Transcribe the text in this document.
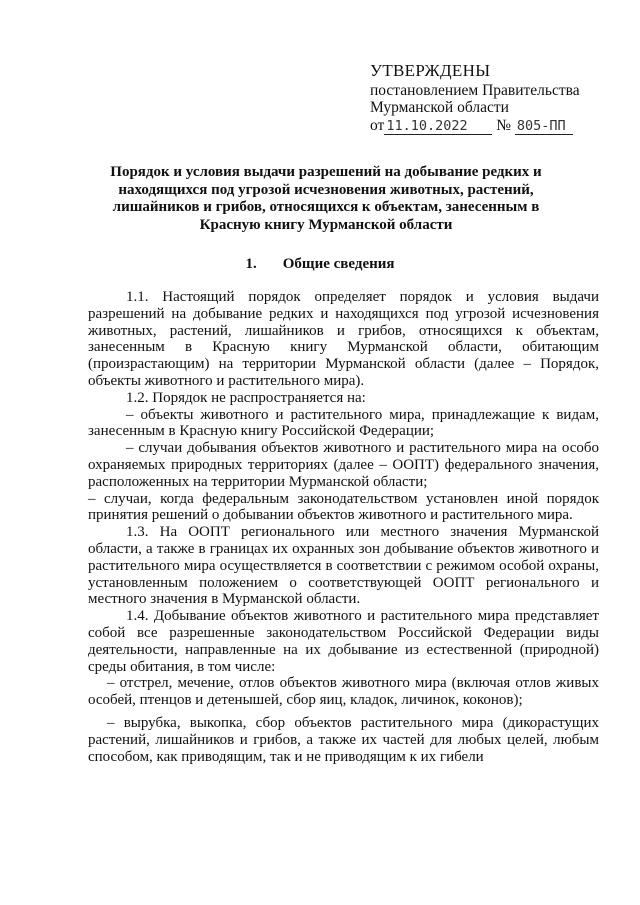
УТВЕРЖДЕНЫ
постановлением Правительства
Мурманской области
от 11.10.2022 № 805-ПП
Порядок и условия выдачи разрешений на добывание редких и находящихся под угрозой исчезновения животных, растений, лишайников и грибов, относящихся к объектам, занесенным в Красную книгу Мурманской области
1. Общие сведения

1.1. Настоящий порядок определяет порядок и условия выдачи разрешений на добывание редких и находящихся под угрозой исчезновения животных, растений, лишайников и грибов, относящихся к объектам, занесенным в Красную книгу Мурманской области, обитающим (произрастающим) на территории Мурманской области (далее – Порядок, объекты животного и растительного мира).

1.2. Порядок не распространяется на:

– объекты животного и растительного мира, принадлежащие к видам, занесенным в Красную книгу Российской Федерации;

– случаи добывания объектов животного и растительного мира на особо охраняемых природных территориях (далее – ООПТ) федерального значения, расположенных на территории Мурманской области;

– случаи, когда федеральным законодательством установлен иной порядок принятия решений о добывании объектов животного и растительного мира.

1.3. На ООПТ регионального или местного значения Мурманской области, а также в границах их охранных зон добывание объектов животного и растительного мира осуществляется в соответствии с режимом особой охраны, установленным положением о соответствующей ООПТ регионального и местного значения в Мурманской области.

1.4. Добывание объектов животного и растительного мира представляет собой все разрешенные законодательством Российской Федерации виды деятельности, направленные на их добывание из естественной (природной) среды обитания, в том числе:

– отстрел, мечение, отлов объектов животного мира (включая отлов живых особей, птенцов и детенышей, сбор яиц, кладок, личинок, коконов);

– вырубка, выкопка, сбор объектов растительного мира (дикорастущих растений, лишайников и грибов, а также их частей для любых целей, любым способом, как приводящим, так и не приводящим к их гибели
